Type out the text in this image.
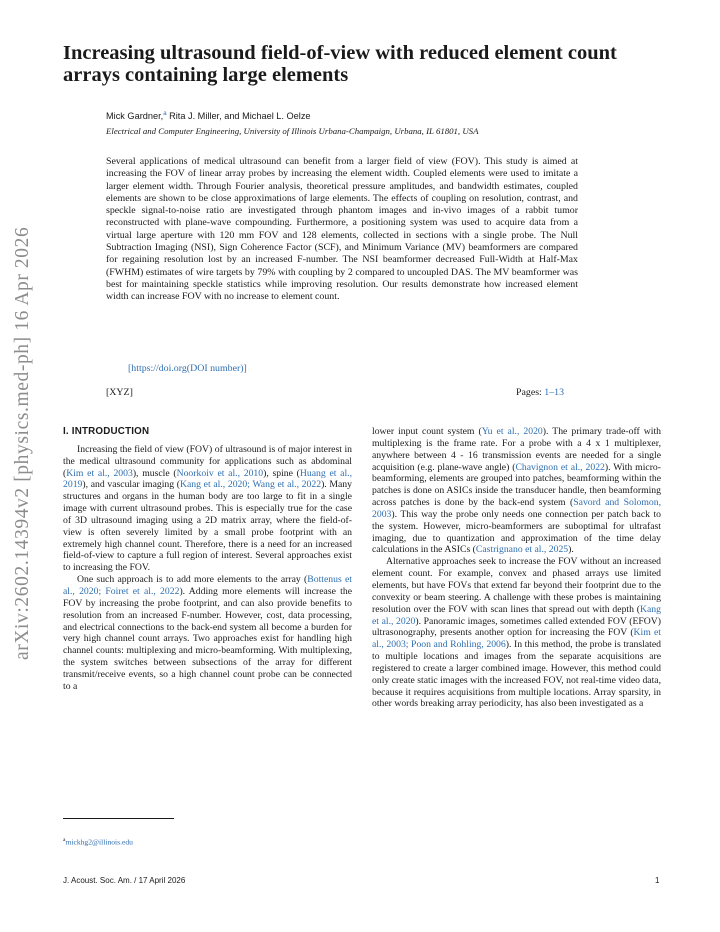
arXiv:2602.14394v2 [physics.med-ph] 16 Apr 2026
Increasing ultrasound field-of-view with reduced element count arrays containing large elements
Mick Gardner,$^a$ Rita J. Miller, and Michael L. Oelze
Electrical and Computer Engineering, University of Illinois Urbana-Champaign, Urbana, IL 61801, USA
Several applications of medical ultrasound can benefit from a larger field of view (FOV). This study is aimed at increasing the FOV of linear array probes by increasing the element width. Coupled elements were used to imitate a larger element width. Through Fourier analysis, theoretical pressure amplitudes, and bandwidth estimates, coupled elements are shown to be close approximations of large elements. The effects of coupling on resolution, contrast, and speckle signal-to-noise ratio are investigated through phantom images and in-vivo images of a rabbit tumor reconstructed with plane-wave compounding. Furthermore, a positioning system was used to acquire data from a virtual large aperture with 120 mm FOV and 128 elements, collected in sections with a single probe. The Null Subtraction Imaging (NSI), Sign Coherence Factor (SCF), and Minimum Variance (MV) beamformers are compared for regaining resolution lost by an increased F-number. The NSI beamformer decreased Full-Width at Half-Max (FWHM) estimates of wire targets by 79% with coupling by 2 compared to uncoupled DAS. The MV beamformer was best for maintaining speckle statistics while improving resolution. Our results demonstrate how increased element width can increase FOV with no increase to element count.
[https://doi.org(DOI number)]
[XYZ]	Pages: 1–13
I. INTRODUCTION

Increasing the field of view (FOV) of ultrasound is of major interest in the medical ultrasound community for applications such as abdominal (Kim et al., 2003), muscle (Noorkoiv et al., 2010), spine (Huang et al., 2019), and vascular imaging (Kang et al., 2020; Wang et al., 2022). Many structures and organs in the human body are too large to fit in a single image with current ultrasound probes. This is especially true for the case of 3D ultrasound imaging using a 2D matrix array, where the field-of-view is often severely limited by a small probe footprint with an extremely high channel count. Therefore, there is a need for an increased field-of-view to capture a full region of interest. Several approaches exist to increasing the FOV.

One such approach is to add more elements to the array (Bottenus et al., 2020; Foiret et al., 2022). Adding more elements will increase the FOV by increasing the probe footprint, and can also provide benefits to resolution from an increased F-number. However, cost, data processing, and electrical connections to the back-end system all become a burden for very high channel count arrays. Two approaches exist for handling high channel counts: multiplexing and micro-beamforming. With multiplexing, the system switches between subsections of the array for different transmit/receive events, so a high channel count probe can be connected to a

lower input count system (Yu et al., 2020). The primary trade-off with multiplexing is the frame rate. For a probe with a 4 x 1 multiplexer, anywhere between 4 - 16 transmission events are needed for a single acquisition (e.g. plane-wave angle) (Chavignon et al., 2022). With micro-beamforming, elements are grouped into patches, beamforming within the patches is done on ASICs inside the transducer handle, then beamforming across patches is done by the back-end system (Savord and Solomon, 2003). This way the probe only needs one connection per patch back to the system. However, micro-beamformers are suboptimal for ultrafast imaging, due to quantization and approximation of the time delay calculations in the ASICs (Castrignano et al., 2025).

Alternative approaches seek to increase the FOV without an increased element count. For example, convex and phased arrays use limited elements, but have FOVs that extend far beyond their footprint due to the convexity or beam steering. A challenge with these probes is maintaining resolution over the FOV with scan lines that spread out with depth (Kang et al., 2020). Panoramic images, sometimes called extended FOV (EFOV) ultrasonography, presents another option for increasing the FOV (Kim et al., 2003; Poon and Rohling, 2006). In this method, the probe is translated to multiple locations and images from the separate acquisitions are registered to create a larger combined image. However, this method could only create static images with the increased FOV, not real-time video data, because it requires acquisitions from multiple locations. Array sparsity, in other words breaking array periodicity, has also been investigated as a

$^a$mickhg2@illinois.edu
J. Acoust. Soc. Am. / 17 April 2026	1
